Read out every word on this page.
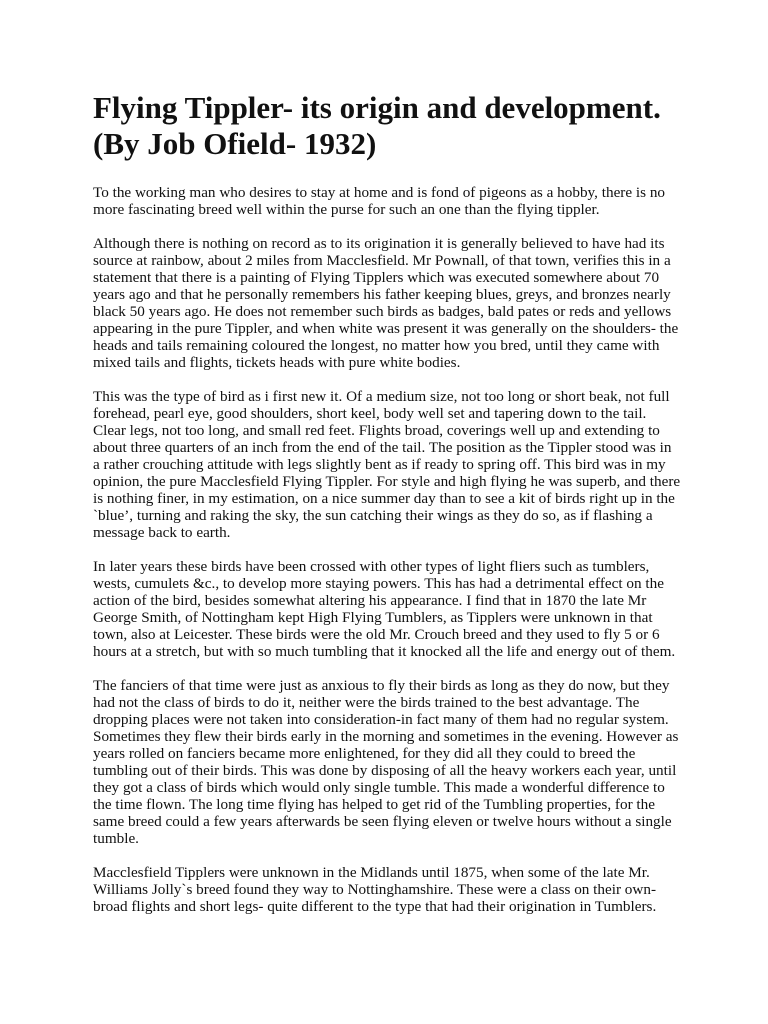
Flying Tippler- its origin and development.
(By Job Ofield- 1932)

To the working man who desires to stay at home and is fond of pigeons as a hobby, there is no more fascinating breed well within the purse for such an one than the flying tippler.

Although there is nothing on record as to its origination it is generally believed to have had its source at rainbow, about 2 miles from Macclesfield. Mr Pownall, of that town, verifies this in a statement that there is a painting of Flying Tipplers which was executed somewhere about 70 years ago and that he personally remembers his father keeping blues, greys, and bronzes nearly black 50 years ago. He does not remember such birds as badges, bald pates or reds and yellows appearing in the pure Tippler, and when white was present it was generally on the shoulders- the heads and tails remaining coloured the longest, no matter how you bred, until they came with mixed tails and flights, tickets heads with pure white bodies.

This was the type of bird as i first new it. Of a medium size, not too long or short beak, not full forehead, pearl eye, good shoulders, short keel, body well set and tapering down to the tail. Clear legs, not too long, and small red feet. Flights broad, coverings well up and extending to about three quarters of an inch from the end of the tail. The position as the Tippler stood was in a rather crouching attitude with legs slightly bent as if ready to spring off. This bird was in my opinion, the pure Macclesfield Flying Tippler. For style and high flying he was superb, and there is nothing finer, in my estimation, on a nice summer day than to see a kit of birds right up in the `blue’, turning and raking the sky, the sun catching their wings as they do so, as if flashing a message back to earth.

In later years these birds have been crossed with other types of light fliers such as tumblers, wests, cumulets &c., to develop more staying powers. This has had a detrimental effect on the action of the bird, besides somewhat altering his appearance. I find that in 1870 the late Mr George Smith, of Nottingham kept High Flying Tumblers, as Tipplers were unknown in that town, also at Leicester. These birds were the old Mr. Crouch breed and they used to fly 5 or 6 hours at a stretch, but with so much tumbling that it knocked all the life and energy out of them.

The fanciers of that time were just as anxious to fly their birds as long as they do now, but they had not the class of birds to do it, neither were the birds trained to the best advantage. The dropping places were not taken into consideration-in fact many of them had no regular system. Sometimes they flew their birds early in the morning and sometimes in the evening. However as years rolled on fanciers became more enlightened, for they did all they could to breed the tumbling out of their birds. This was done by disposing of all the heavy workers each year, until they got a class of birds which would only single tumble. This made a wonderful difference to the time flown. The long time flying has helped to get rid of the Tumbling properties, for the same breed could a few years afterwards be seen flying eleven or twelve hours without a single tumble.

Macclesfield Tipplers were unknown in the Midlands until 1875, when some of the late Mr. Williams Jolly`s breed found they way to Nottinghamshire. These were a class on their own- broad flights and short legs- quite different to the type that had their origination in Tumblers.
